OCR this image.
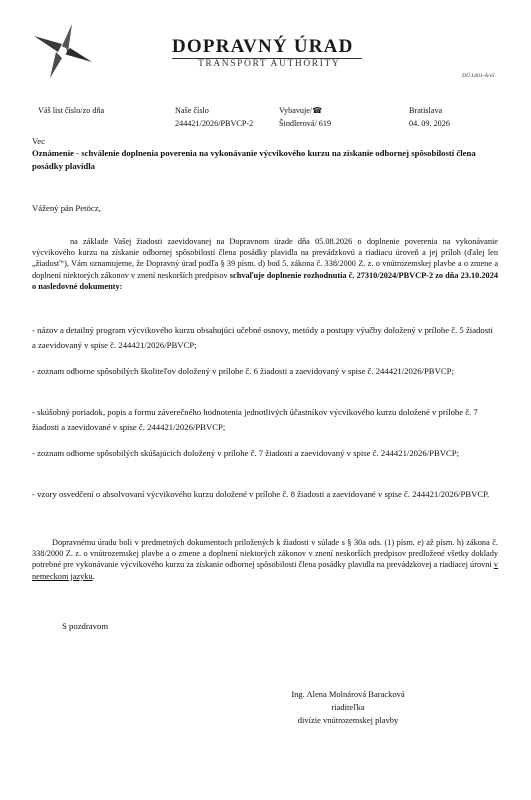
DOPRAVNÝ ÚRAD
TRANSPORT AUTHORITY
DÚ.L001-A/v5
Váš list číslo/zo dňa	Naše číslo
244421/2026/PBVCP-2
Vybavuje/☎
Šindlerová/ 619
Bratislava
04. 09. 2026
Vec
Oznámenie - schválenie doplnenia poverenia na vykonávanie výcvikového kurzu na získanie odbornej spôsobilosti člena posádky plavidla
Vážený pán Petöcz,
na základe Vašej žiadosti zaevidovanej na Dopravnom úrade dňa 05.08.2026 o doplnenie poverenia na vykonávanie výcvikového kurzu na získanie odbornej spôsobilosti člena posádky plavidla na prevádzkovú a riadiacu úroveň a jej príloh (ďalej len „žiadosť“), Vám oznamujeme, že Dopravný úrad podľa § 39 písm. d) bod 5. zákona č. 338/2000 Z. z. o vnútrozemskej plavbe a o zmene a doplnení niektorých zákonov v znení neskorších predpisov schvaľuje doplnenie rozhodnutia č. 27310/2024/PBVCP-2 zo dňa 23.10.2024 o nasledovné dokumenty:
- názov a detailný program výcvikového kurzu obsahujúci učebné osnovy, metódy a postupy výučby doložený v prílohe č. 5 žiadosti a zaevidovaný v spise č. 244421/2026/PBVCP;
- zoznam odborne spôsobilých školiteľov doložený v prílohe č. 6 žiadosti a zaevidovaný v spise č. 244421/2026/PBVCP;
- skúšobný poriadok, popis a formu záverečného hodnotenia jednotlivých účastníkov výcvikového kurzu doložené v prílohe č. 7 žiadosti a zaevidované v spise č. 244421/2026/PBVCP;
- zoznam odborne spôsobilých skúšajúcich doložený v prílohe č. 7 žiadosti a zaevidovaný v spise č. 244421/2026/PBVCP;
- vzory osvedčení o absolvovaní výcvikového kurzu doložené v prílohe č. 8 žiadosti a zaevidované v spise č. 244421/2026/PBVCP.
Dopravnému úradu boli v predmetných dokumentoch priložených k žiadosti v súlade s § 30a ods. (1) písm. e) až písm. h) zákona č. 338/2000 Z. z. o vnútrozemskej plavbe a o zmene a doplnení niektorých zákonov v znení neskorších predpisov predložené všetky doklady potrebné pre vykonávanie výcvikového kurzu za získanie odbornej spôsobilosti člena posádky plavidla na prevádzkovej a riadiacej úrovni v nemeckom jazyku.
S pozdravom
Ing. Alena Molnárová Baracková
riaditeľka
divízie vnútrozemskej plavby
